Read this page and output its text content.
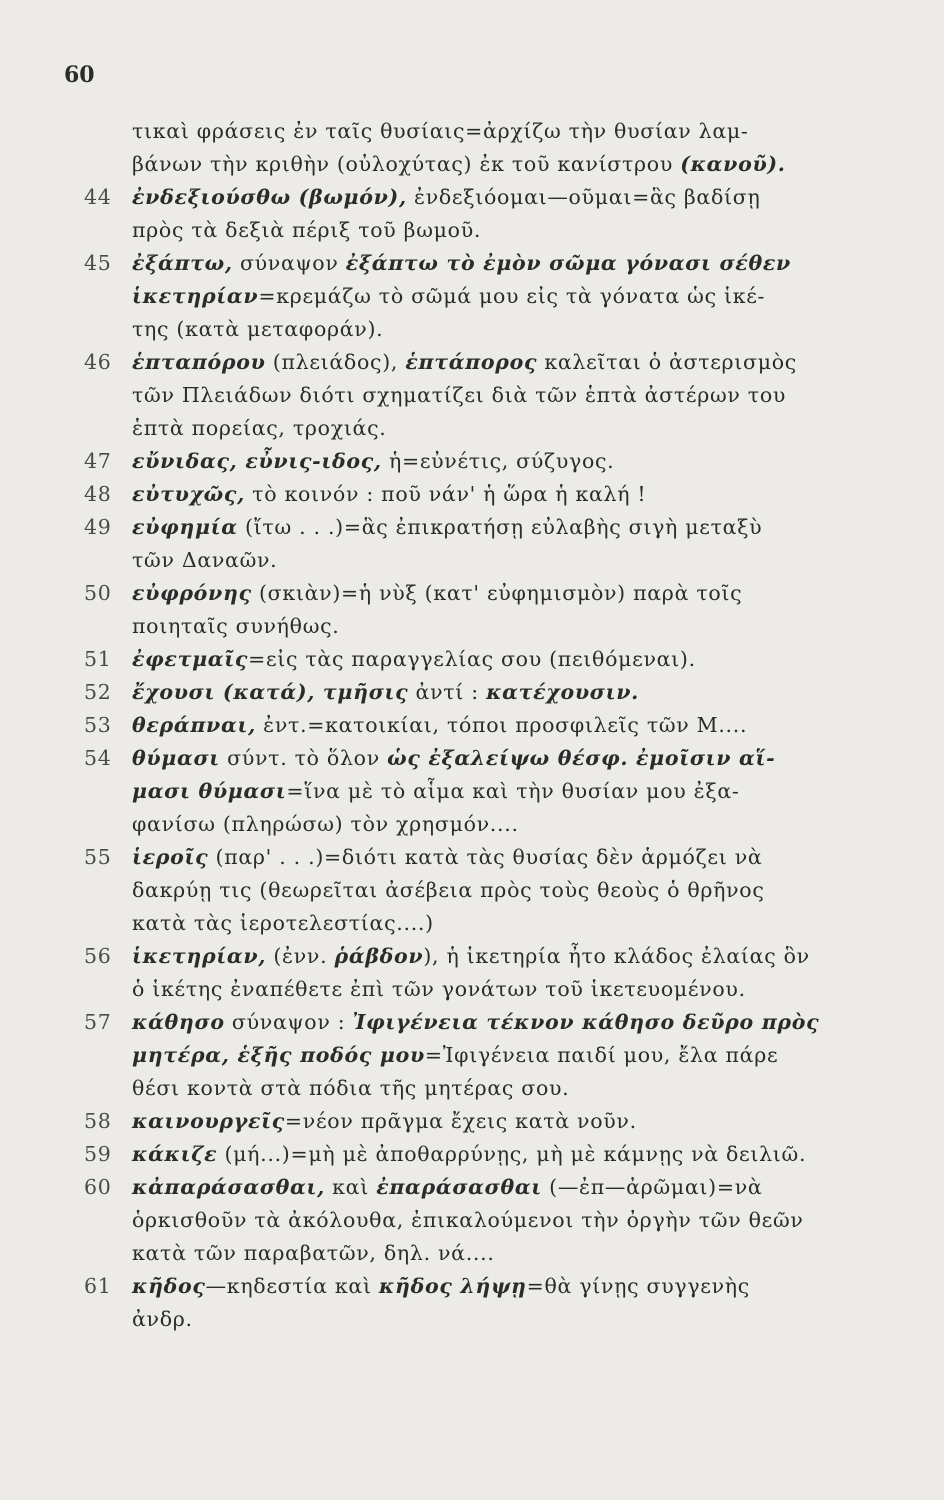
60
τικαὶ φράσεις ἐν ταῖς θυσίαις=ἀρχίζω τὴν θυσίαν λαμ-
βάνων τὴν κριθὴν (οὐλοχύτας) ἐκ τοῦ κανίστρου (κανοῦ).
44	ἐνδεξιούσθω (βωμόν), ἐνδεξιόομαι—οῦμαι=ἃς βαδίσῃ
πρὸς τὰ δεξιὰ πέριξ τοῦ βωμοῦ.
45	ἐξάπτω, σύναψον ἐξάπτω τὸ ἐμὸν σῶμα γόνασι σέθεν
ἱκετηρίαν=κρεμάζω τὸ σῶμά μου εἰς τὰ γόνατα ὡς ἱκέ-
της (κατὰ μεταφοράν).
46	ἑπταπόρου (πλειάδος), ἑπτάπορος καλεῖται ὁ ἀστερισμὸς
τῶν Πλειάδων διότι σχηματίζει διὰ τῶν ἑπτὰ ἀστέρων του
ἑπτὰ πορείας, τροχιάς.
47	εὔνιδας, εὖνις-ιδος, ἡ=εὐνέτις, σύζυγος.
48	εὐτυχῶς, τὸ κοινόν : ποῦ νάν' ἡ ὥρα ἡ καλή !
49	εὐφημία (ἴτω . . .)=ἃς ἐπικρατήσῃ εὐλαβὴς σιγὴ μεταξὺ
τῶν Δαναῶν.
50	εὐφρόνης (σκιὰν)=ἡ νὺξ (κατ' εὐφημισμὸν) παρὰ τοῖς
ποιηταῖς συνήθως.
51	ἐφετμαῖς=εἰς τὰς παραγγελίας σου (πειθόμεναι).
52	ἔχουσι (κατά), τμῆσις ἀντί : κατέχουσιν.
53	θεράπναι, ἐντ.=κατοικίαι, τόποι προσφιλεῖς τῶν Μ....
54	θύμασι σύντ. τὸ ὅλον ὡς ἐξαλείψω θέσφ. ἐμοῖσιν αἵ-
μασι θύμασι=ἵνα μὲ τὸ αἷμα καὶ τὴν θυσίαν μου ἐξα-
φανίσω (πληρώσω) τὸν χρησμόν....
55	ἱεροῖς (παρ' . . .)=διότι κατὰ τὰς θυσίας δὲν ἁρμόζει νὰ
δακρύῃ τις (θεωρεῖται ἀσέβεια πρὸς τοὺς θεοὺς ὁ θρῆνος
κατὰ τὰς ἱεροτελεστίας....)
56	ἱκετηρίαν, (ἐνν. ῥάβδον), ἡ ἱκετηρία ἦτο κλάδος ἐλαίας ὃν
ὁ ἱκέτης ἐναπέθετε ἐπὶ τῶν γονάτων τοῦ ἱκετευομένου.
57	κάθησο σύναψον : Ἰφιγένεια τέκνον κάθησο δεῦρο πρὸς
μητέρα, ἑξῆς ποδός μου=Ἰφιγένεια παιδί μου, ἔλα πάρε
θέσι κοντὰ στὰ πόδια τῆς μητέρας σου.
58	καινουργεῖς=νέον πρᾶγμα ἔχεις κατὰ νοῦν.
59	κάκιζε (μή...)=μὴ μὲ ἀποθαρρύνῃς, μὴ μὲ κάμνῃς νὰ δειλιῶ.
60	κἀπαράσασθαι, καὶ ἐπαράσασθαι (—ἐπ—ἀρῶμαι)=νὰ
ὁρκισθοῦν τὰ ἀκόλουθα, ἐπικαλούμενοι τὴν ὀργὴν τῶν θεῶν
κατὰ τῶν παραβατῶν, δηλ. νά....
61	κῆδος—κηδεστία καὶ κῆδος λήψῃ=θὰ γίνῃς συγγενὴς
ἀνδρ.
